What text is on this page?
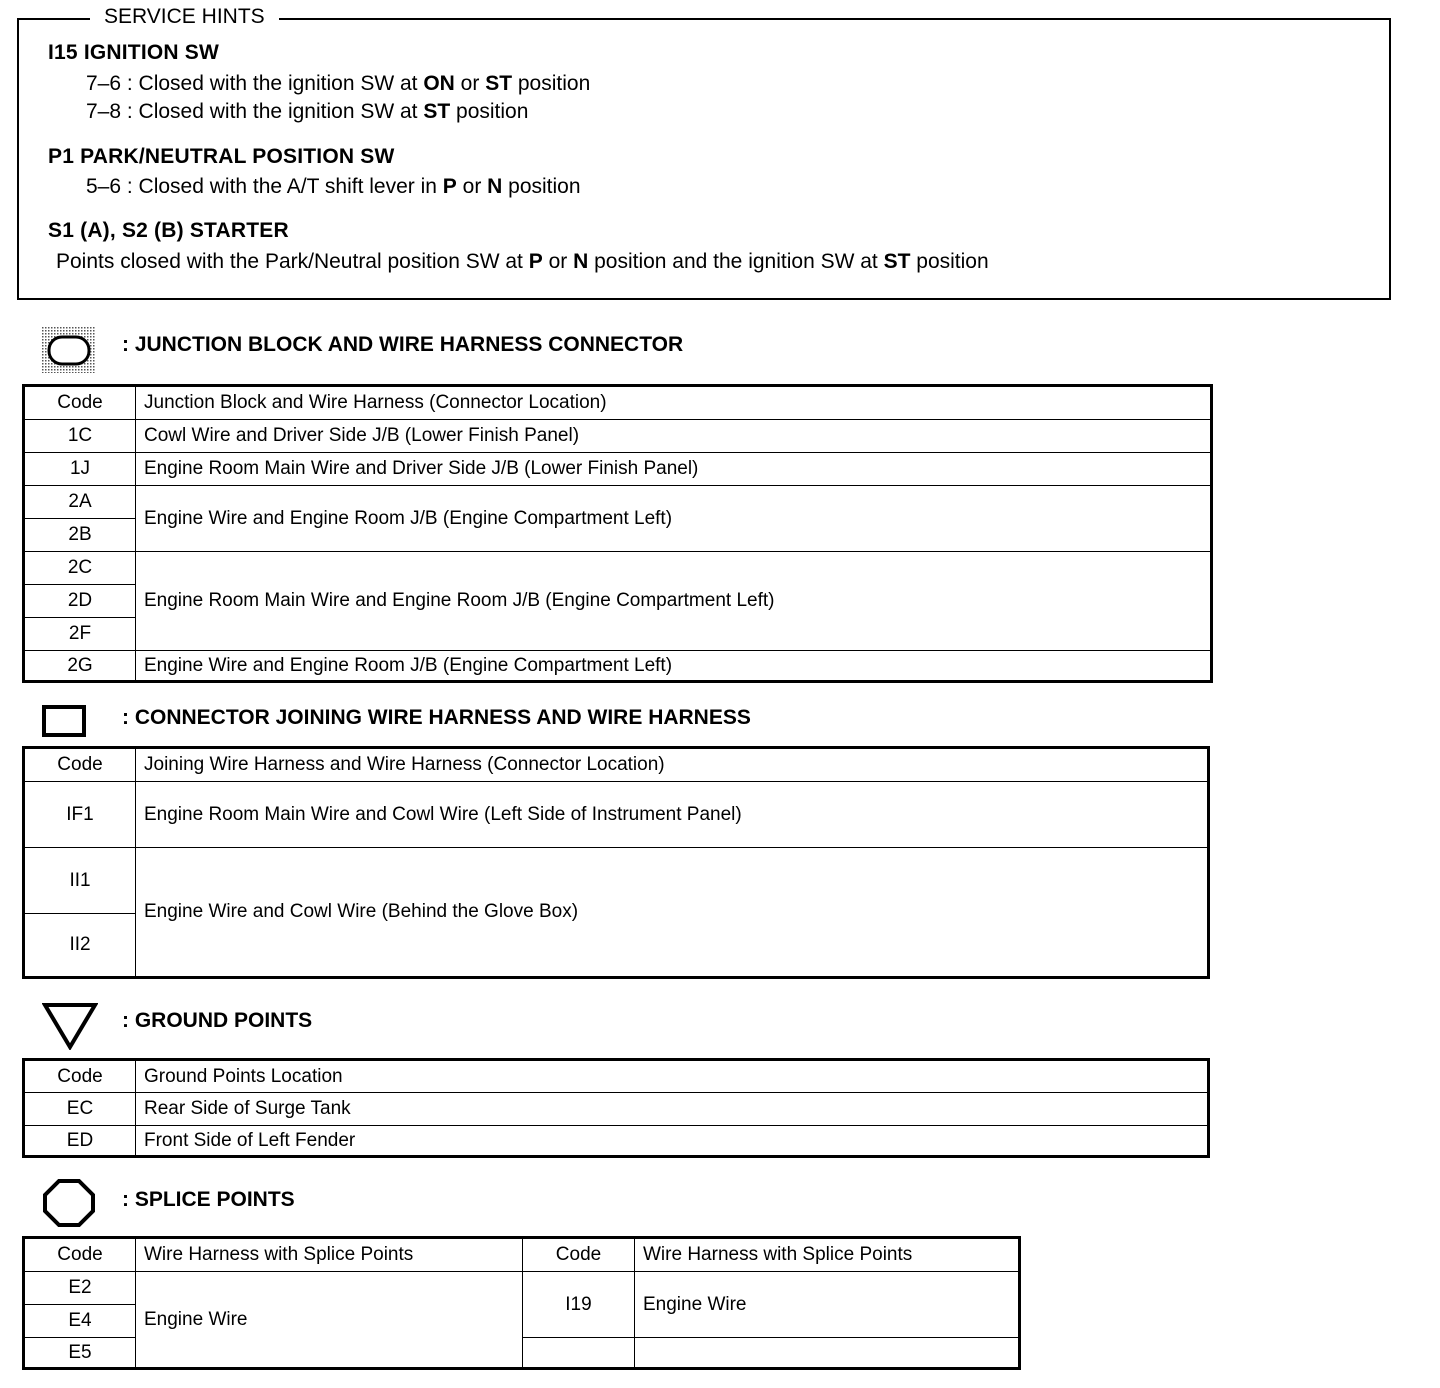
SERVICE HINTS
I15 IGNITION SW
7–6 : Closed with the ignition SW at ON or ST position
7–8 : Closed with the ignition SW at ST position
P1 PARK/NEUTRAL POSITION SW
5–6 : Closed with the A/T shift lever in P or N position
S1 (A), S2 (B) STARTER
Points closed with the Park/Neutral position SW at P or N position and the ignition SW at ST position
: JUNCTION BLOCK AND WIRE HARNESS CONNECTOR
Code	Junction Block and Wire Harness (Connector Location)
1C	Cowl Wire and Driver Side J/B (Lower Finish Panel)
1J	Engine Room Main Wire and Driver Side J/B (Lower Finish Panel)
2A	Engine Wire and Engine Room J/B (Engine Compartment Left)
2B	
2C	Engine Room Main Wire and Engine Room J/B (Engine Compartment Left)
2D	
2F	
2G	Engine Wire and Engine Room J/B (Engine Compartment Left)
: CONNECTOR JOINING WIRE HARNESS AND WIRE HARNESS
Code	Joining Wire Harness and Wire Harness (Connector Location)
IF1	Engine Room Main Wire and Cowl Wire (Left Side of Instrument Panel)
II1	Engine Wire and Cowl Wire (Behind the Glove Box)
II2	
: GROUND POINTS
Code	Ground Points Location
EC	Rear Side of Surge Tank
ED	Front Side of Left Fender
: SPLICE POINTS
Code	Wire Harness with Splice Points	Code	Wire Harness with Splice Points
E2	Engine Wire	I19	Engine Wire
E4			
E5			
